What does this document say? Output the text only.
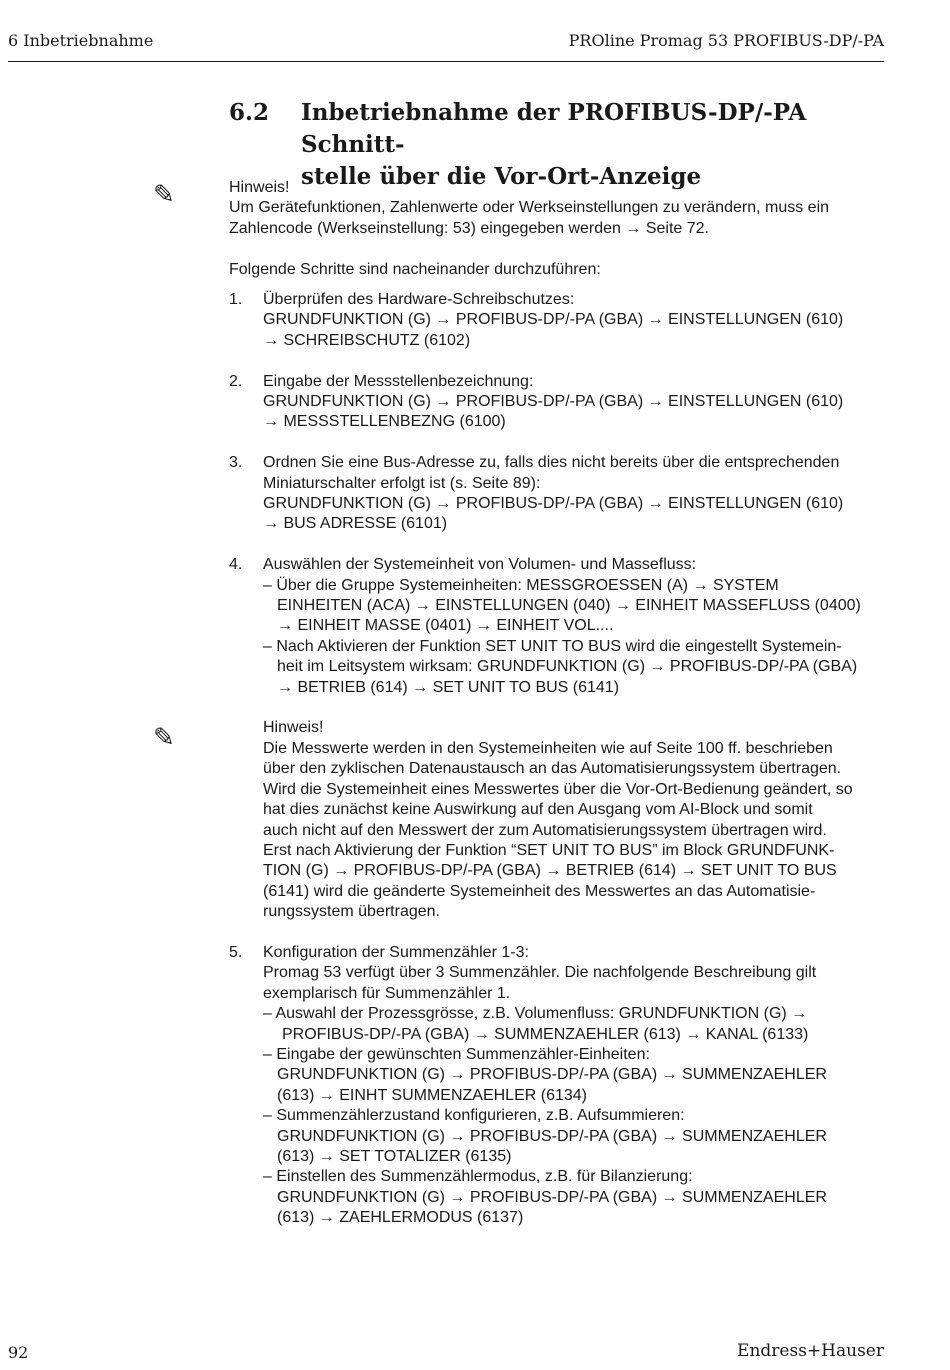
6 Inbetriebnahme	PROline Promag 53 PROFIBUS-DP/-PA
6.2 Inbetriebnahme der PROFIBUS-DP/-PA Schnitt-
stelle über die Vor-Ort-Anzeige
✎
✎
Hinweis!
Um Gerätefunktionen, Zahlenwerte oder Werkseinstellungen zu verändern, muss ein
Zahlencode (Werkseinstellung: 53) eingegeben werden → Seite 72.
Folgende Schritte sind nacheinander durchzuführen:
1. Überprüfen des Hardware-Schreibschutzes:
GRUNDFUNKTION (G) → PROFIBUS-DP/-PA (GBA) → EINSTELLUNGEN (610)
→ SCHREIBSCHUTZ (6102)
2. Eingabe der Messstellenbezeichnung:
GRUNDFUNKTION (G) → PROFIBUS-DP/-PA (GBA) → EINSTELLUNGEN (610)
→ MESSSTELLENBEZNG (6100)
3. Ordnen Sie eine Bus-Adresse zu, falls dies nicht bereits über die entsprechenden
Miniaturschalter erfolgt ist (s. Seite 89):
GRUNDFUNKTION (G) → PROFIBUS-DP/-PA (GBA) → EINSTELLUNGEN (610)
→ BUS ADRESSE (6101)
4. Auswählen der Systemeinheit von Volumen- und Massefluss:
– Über die Gruppe Systemeinheiten: MESSGROESSEN (A) → SYSTEM
EINHEITEN (ACA) → EINSTELLUNGEN (040) → EINHEIT MASSEFLUSS (0400)
→ EINHEIT MASSE (0401) → EINHEIT VOL....
– Nach Aktivieren der Funktion SET UNIT TO BUS wird die eingestellt Systemein-
heit im Leitsystem wirksam: GRUNDFUNKTION (G) → PROFIBUS-DP/-PA (GBA)
→ BETRIEB (614) → SET UNIT TO BUS (6141)
Hinweis!
Die Messwerte werden in den Systemeinheiten wie auf Seite 100 ff. beschrieben
über den zyklischen Datenaustausch an das Automatisierungssystem übertragen.
Wird die Systemeinheit eines Messwertes über die Vor-Ort-Bedienung geändert, so
hat dies zunächst keine Auswirkung auf den Ausgang vom AI-Block und somit
auch nicht auf den Messwert der zum Automatisierungssystem übertragen wird.
Erst nach Aktivierung der Funktion “SET UNIT TO BUS” im Block GRUNDFUNK-
TION (G) → PROFIBUS-DP/-PA (GBA) → BETRIEB (614) → SET UNIT TO BUS
(6141) wird die geänderte Systemeinheit des Messwertes an das Automatisie-
rungssystem übertragen.
5. Konfiguration der Summenzähler 1-3:
Promag 53 verfügt über 3 Summenzähler. Die nachfolgende Beschreibung gilt
exemplarisch für Summenzähler 1.
– Auswahl der Prozessgrösse, z.B. Volumenfluss: GRUNDFUNKTION (G) →
PROFIBUS-DP/-PA (GBA) → SUMMENZAEHLER (613) → KANAL (6133)
– Eingabe der gewünschten Summenzähler-Einheiten:
GRUNDFUNKTION (G) → PROFIBUS-DP/-PA (GBA) → SUMMENZAEHLER
(613) → EINHT SUMMENZAEHLER (6134)
– Summenzählerzustand konfigurieren, z.B. Aufsummieren:
GRUNDFUNKTION (G) → PROFIBUS-DP/-PA (GBA) → SUMMENZAEHLER
(613) → SET TOTALIZER (6135)
– Einstellen des Summenzählermodus, z.B. für Bilanzierung:
GRUNDFUNKTION (G) → PROFIBUS-DP/-PA (GBA) → SUMMENZAEHLER
(613) → ZAEHLERMODUS (6137)
92	Endress+Hauser
